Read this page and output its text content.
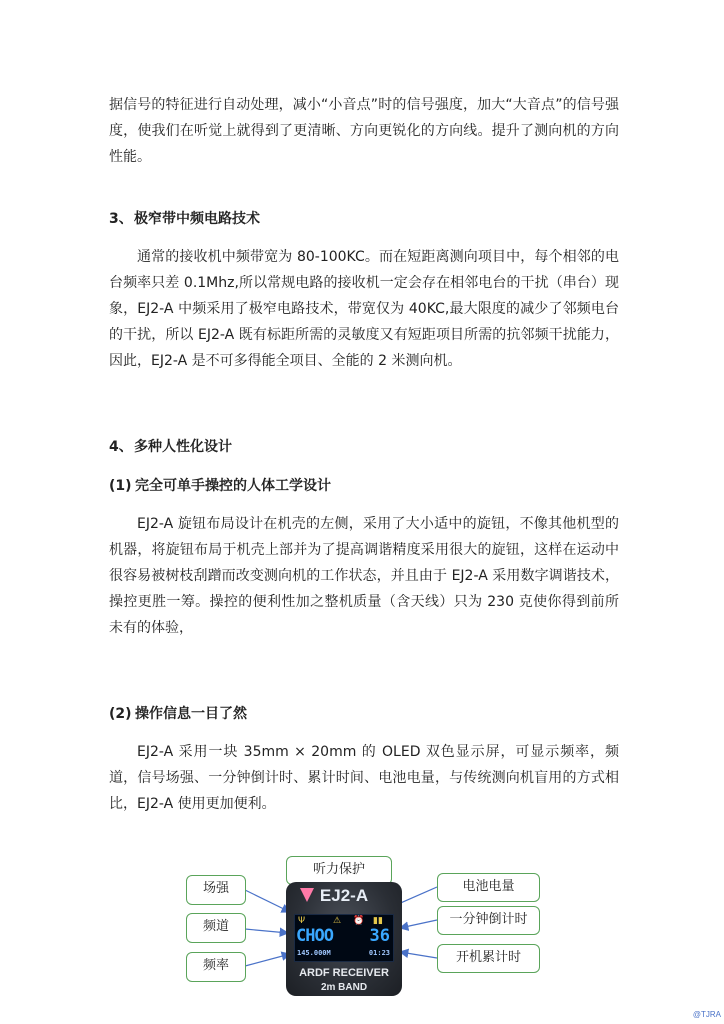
据信号的特征进行自动处理，减小“小音点”时的信号强度，加大“大音点”的信号强度，使我们在听觉上就得到了更清晰、方向更锐化的方向线。提升了测向机的方向性能。

3、极窄带中频电路技术

通常的接收机中频带宽为 80-100KC。而在短距离测向项目中，每个相邻的电台频率只差 0.1Mhz,所以常规电路的接收机一定会存在相邻电台的干扰（串台）现象，EJ2-A 中频采用了极窄电路技术，带宽仅为 40KC,最大限度的减少了邻频电台的干扰，所以 EJ2-A 既有标距所需的灵敏度又有短距项目所需的抗邻频干扰能力，因此，EJ2-A 是不可多得能全项目、全能的 2 米测向机。

4、多种人性化设计
(1) 完全可单手操控的人体工学设计

EJ2-A 旋钮布局设计在机壳的左侧，采用了大小适中的旋钮，不像其他机型的机器，将旋钮布局于机壳上部并为了提高调谐精度采用很大的旋钮，这样在运动中很容易被树枝刮蹭而改变测向机的工作状态，并且由于 EJ2-A 采用数字调谐技术，操控更胜一筹。操控的便利性加之整机质量（含天线）只为 230 克使你得到前所未有的体验，

(2) 操作信息一目了然

EJ2-A 采用一块 35mm × 20mm 的 OLED 双色显示屏，可显示频率，频道，信号场强、一分钟倒计时、累计时间、电池电量，与传统测向机盲用的方式相比，EJ2-A 使用更加便利。

听力保护
场强
频道
频率
电池电量
一分钟倒计时
开机累计时
EJ2-A
Ψ	⚠ ⏰ ▮▮
CHOO 36
145.000M	01:23
ARDF RECEIVER
2m BAND
@TJRA
